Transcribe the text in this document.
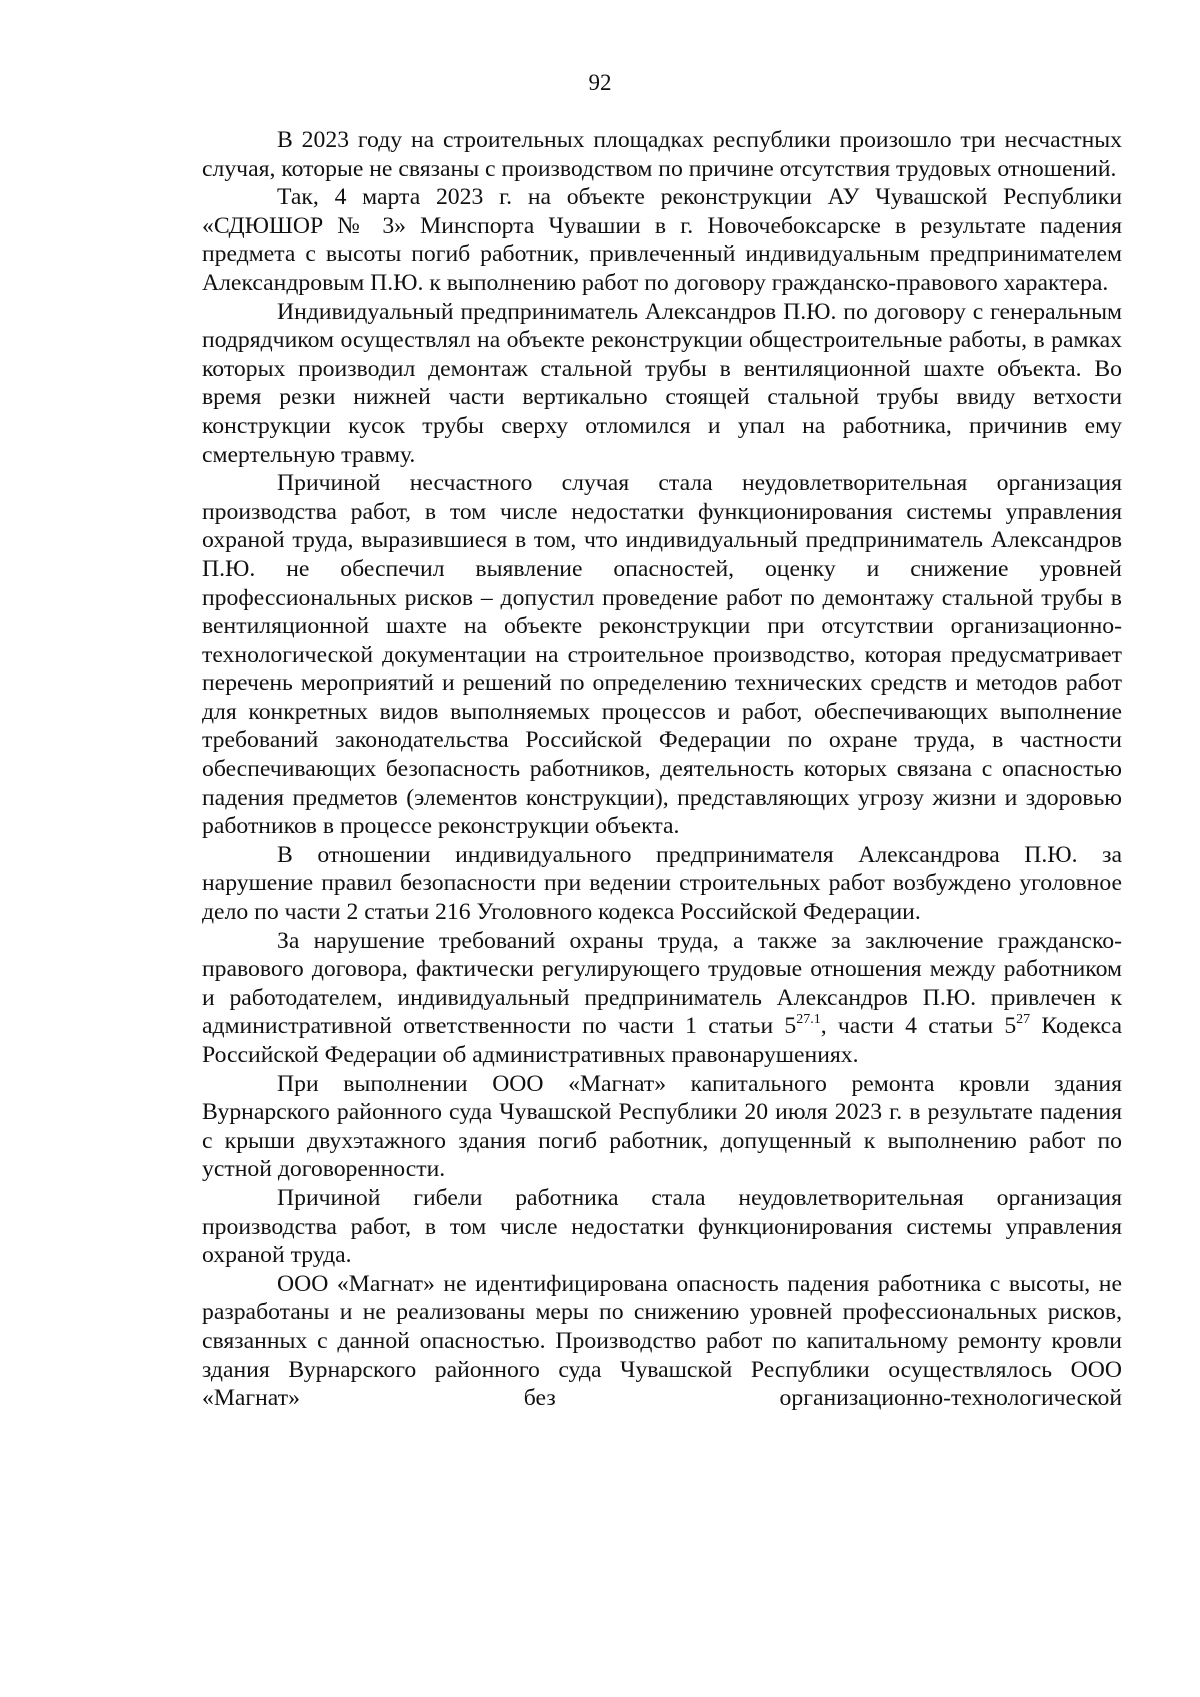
92

В 2023 году на строительных площадках республики произошло три несчастных случая, которые не связаны с производством по причине отсутствия трудовых отношений.

Так, 4 марта 2023 г. на объекте реконструкции АУ Чувашской Республики «СДЮШОР № 3» Минспорта Чувашии в г. Новочебоксарске в результате падения предмета с высоты погиб работник, привлеченный индивидуальным предпринимателем Александровым П.Ю. к выполнению работ по договору гражданско-правового характера.

Индивидуальный предприниматель Александров П.Ю. по договору с генеральным подрядчиком осуществлял на объекте реконструкции общестроительные работы, в рамках которых производил демонтаж стальной трубы в вентиляционной шахте объекта. Во время резки нижней части вертикально стоящей стальной трубы ввиду ветхости конструкции кусок трубы сверху отломился и упал на работника, причинив ему смертельную травму.

Причиной несчастного случая стала неудовлетворительная организация производства работ, в том числе недостатки функционирования системы управления охраной труда, выразившиеся в том, что индивидуальный предприниматель Александров П.Ю. не обеспечил выявление опасностей, оценку и снижение уровней профессиональных рисков – допустил проведение работ по демонтажу стальной трубы в вентиляционной шахте на объекте реконструкции при отсутствии организационно-технологической документации на строительное производство, которая предусматривает перечень мероприятий и решений по определению технических средств и методов работ для конкретных видов выполняемых процессов и работ, обеспечивающих выполнение требований законодательства Российской Федерации по охране труда, в частности обеспечивающих безопасность работников, деятельность которых связана с опасностью падения предметов (элементов конструкции), представляющих угрозу жизни и здоровью работников в процессе реконструкции объекта.

В отношении индивидуального предпринимателя Александрова П.Ю. за нарушение правил безопасности при ведении строительных работ возбуждено уголовное дело по части 2 статьи 216 Уголовного кодекса Российской Федерации.

За нарушение требований охраны труда, а также за заключение гражданско-правового договора, фактически регулирующего трудовые отношения между работником и работодателем, индивидуальный предприниматель Александров П.Ю. привлечен к административной ответственности по части 1 статьи $5^{27.1}$, части 4 статьи $5^{27}$ Кодекса Российской Федерации об административных правонарушениях.

При выполнении ООО «Магнат» капитального ремонта кровли здания Вурнарского районного суда Чувашской Республики 20 июля 2023 г. в результате падения с крыши двухэтажного здания погиб работник, допущенный к выполнению работ по устной договоренности.

Причиной гибели работника стала неудовлетворительная организация производства работ, в том числе недостатки функционирования системы управления охраной труда.

ООО «Магнат» не идентифицирована опасность падения работника с высоты, не разработаны и не реализованы меры по снижению уровней профессиональных рисков, связанных с данной опасностью. Производство работ по капитальному ремонту кровли здания Вурнарского районного суда Чувашской Республики осуществлялось ООО «Магнат» без организационно-технологической
